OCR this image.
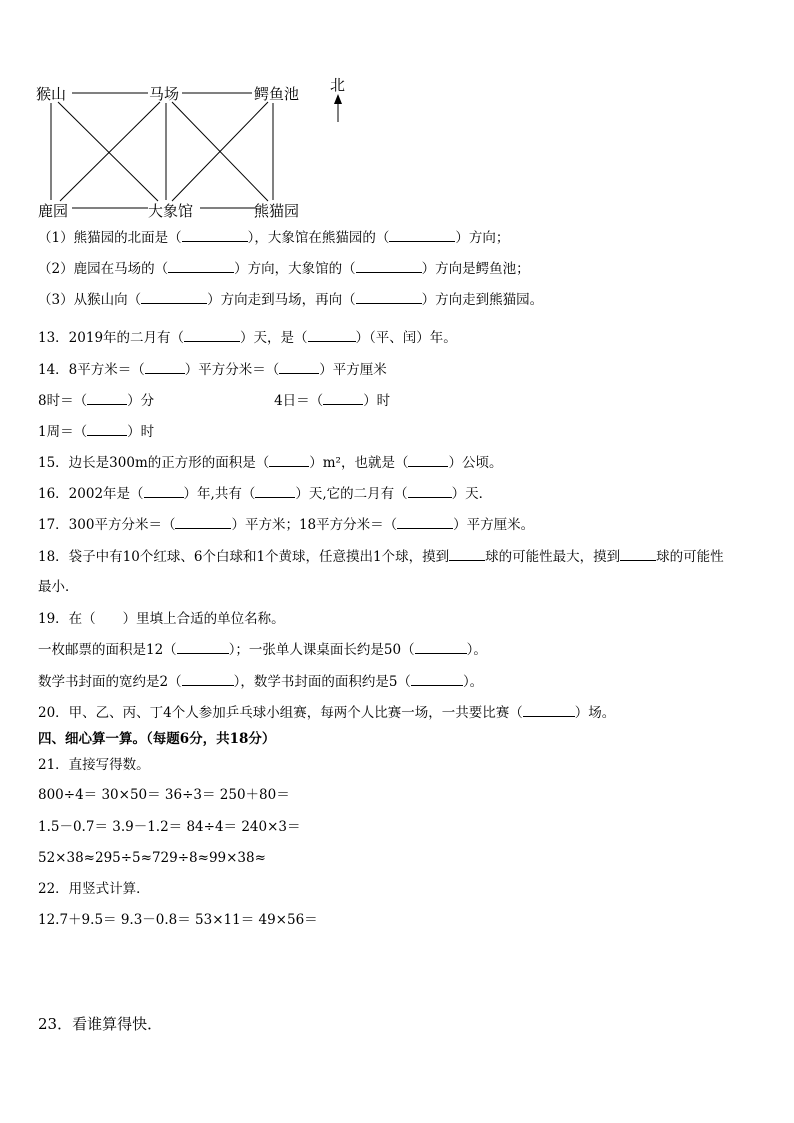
北
猴山	马场	鳄鱼池
鹿园	大象馆	熊猫园
（1）熊猫园的北面是（	），大象馆在熊猫园的（	）方向；
（2）鹿园在马场的（	）方向，大象馆的（	）方向是鳄鱼池；
（3）从猴山向（	）方向走到马场，再向（	）方向走到熊猫园。
13．2019年的二月有（	）天，是（	）（平、闰）年。
14．8平方米＝（	）平方分米＝（	）平方厘米
8时＝（	）分	4日＝（	）时
1周＝（	）时
15．边长是300m的正方形的面积是（	）m²，也就是（	）公顷。
16．2002年是（	）年,共有（	）天,它的二月有（	）天．
17．300平方分米＝（	）平方米；18平方分米＝（	）平方厘米。
18．袋子中有10个红球、6个白球和1个黄球，任意摸出1个球，摸到	球的可能性最大，摸到	球的可能性
最小．
19．在（　　）里填上合适的单位名称。
一枚邮票的面积是12（	）；一张单人课桌面长约是50（	）。
数学书封面的宽约是2（	），数学书封面的面积约是5（	）。
20．甲、乙、丙、丁4个人参加乒乓球小组赛，每两个人比赛一场，一共要比赛（	）场。
四、细心算一算。（每题6分，共18分）
21．直接写得数。
800÷4＝ 30×50＝ 36÷3＝ 250＋80＝
1.5－0.7＝ 3.9－1.2＝ 84÷4＝ 240×3＝
52×38≈295÷5≈729÷8≈99×38≈
22．用竖式计算．
12.7＋9.5＝ 9.3－0.8＝ 53×11＝ 49×56＝
23．看谁算得快．
